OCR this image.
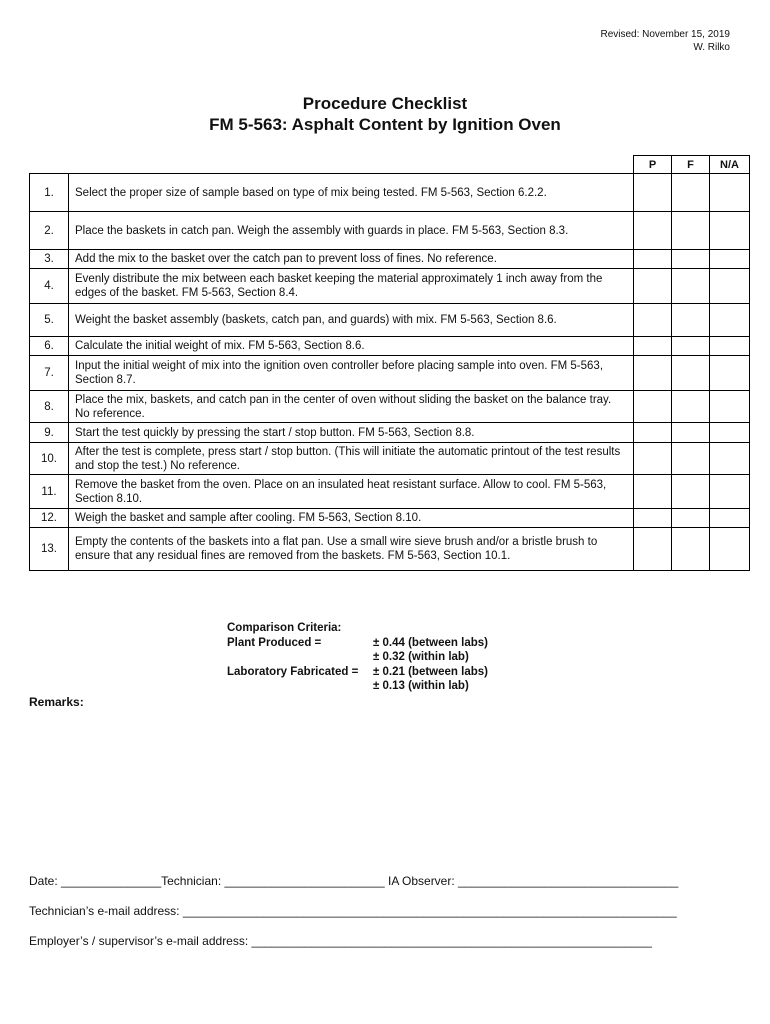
Revised: November 15, 2019
W. Rilko
Procedure Checklist
FM 5-563: Asphalt Content by Ignition Oven
		P	F	N/A
1.	Select the proper size of sample based on type of mix being tested. FM 5-563, Section 6.2.2.			
2.	Place the baskets in catch pan. Weigh the assembly with guards in place. FM 5-563, Section 8.3.			
3.	Add the mix to the basket over the catch pan to prevent loss of fines. No reference.			
4.	Evenly distribute the mix between each basket keeping the material approximately 1 inch away from the edges of the basket. FM 5-563, Section 8.4.			
5.	Weight the basket assembly (baskets, catch pan, and guards) with mix. FM 5-563, Section 8.6.			
6.	Calculate the initial weight of mix. FM 5-563, Section 8.6.			
7.	Input the initial weight of mix into the ignition oven controller before placing sample into oven. FM 5-563, Section 8.7.			
8.	Place the mix, baskets, and catch pan in the center of oven without sliding the basket on the balance tray. No reference.			
9.	Start the test quickly by pressing the start / stop button. FM 5-563, Section 8.8.			
10.	After the test is complete, press start / stop button. (This will initiate the automatic printout of the test results and stop the test.) No reference.			
11.	Remove the basket from the oven. Place on an insulated heat resistant surface. Allow to cool. FM 5-563, Section 8.10.			
12.	Weigh the basket and sample after cooling. FM 5-563, Section 8.10.			
13.	Empty the contents of the baskets into a flat pan. Use a small wire sieve brush and/or a bristle brush to ensure that any residual fines are removed from the baskets. FM 5-563, Section 10.1.			
Comparison Criteria:
Plant Produced =	± 0.44 (between labs)
± 0.32 (within lab)
Laboratory Fabricated = ± 0.21 (between labs)
± 0.13 (within lab)
Remarks:
Date: _______________Technician: ________________________ IA Observer: _________________________________
Technician’s e-mail address: __________________________________________________________________________
Employer’s / supervisor’s e-mail address: ____________________________________________________________
